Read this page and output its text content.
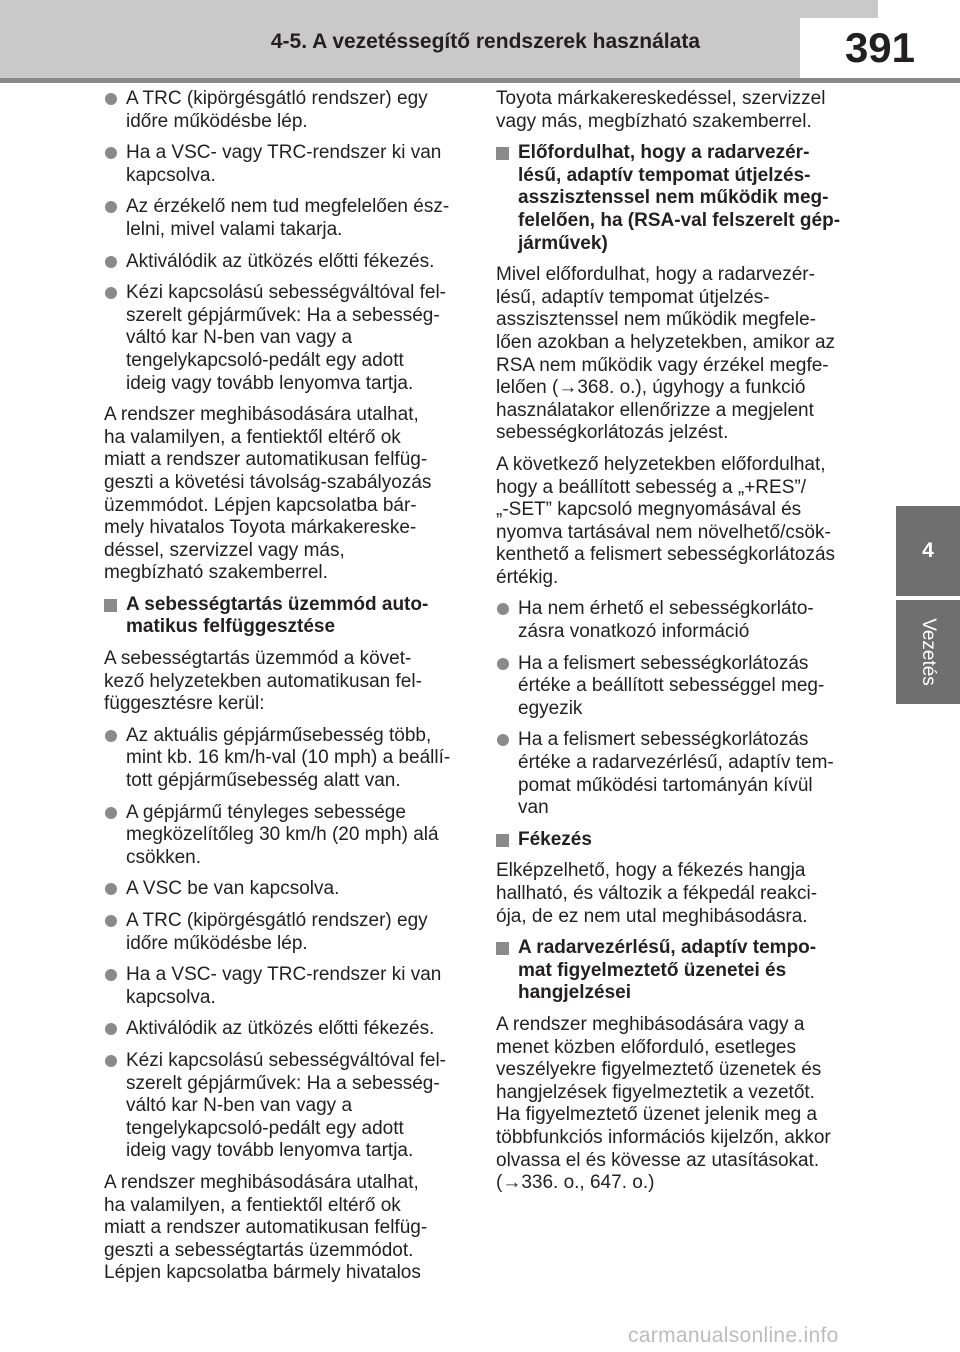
4-5. A vezetéssegítő rendszerek használata	391
4
Vezetés
A TRC (kipörgésgátló rendszer) egy
időre működésbe lép.
Ha a VSC- vagy TRC-rendszer ki van
kapcsolva.
Az érzékelő nem tud megfelelően ész-
lelni, mivel valami takarja.
Aktiválódik az ütközés előtti fékezés.
Kézi kapcsolású sebességváltóval fel-
szerelt gépjárművek: Ha a sebesség-
váltó kar N-ben van vagy a
tengelykapcsoló-pedált egy adott
ideig vagy tovább lenyomva tartja.
A rendszer meghibásodására utalhat,
ha valamilyen, a fentiektől eltérő ok
miatt a rendszer automatikusan felfüg-
geszti a követési távolság-szabályozás
üzemmódot. Lépjen kapcsolatba bár-
mely hivatalos Toyota márkakereske-
déssel, szervizzel vagy más,
megbízható szakemberrel.
A sebességtartás üzemmód auto-
matikus felfüggesztése
A sebességtartás üzemmód a követ-
kező helyzetekben automatikusan fel-
függesztésre kerül:
Az aktuális gépjárműsebesség több,
mint kb. 16 km/h-val (10 mph) a beállí-
tott gépjárműsebesség alatt van.
A gépjármű tényleges sebessége
megközelítőleg 30 km/h (20 mph) alá
csökken.
A VSC be van kapcsolva.
A TRC (kipörgésgátló rendszer) egy
időre működésbe lép.
Ha a VSC- vagy TRC-rendszer ki van
kapcsolva.
Aktiválódik az ütközés előtti fékezés.
Kézi kapcsolású sebességváltóval fel-
szerelt gépjárművek: Ha a sebesség-
váltó kar N-ben van vagy a
tengelykapcsoló-pedált egy adott
ideig vagy tovább lenyomva tartja.
A rendszer meghibásodására utalhat,
ha valamilyen, a fentiektől eltérő ok
miatt a rendszer automatikusan felfüg-
geszti a sebességtartás üzemmódot.
Lépjen kapcsolatba bármely hivatalos
Toyota márkakereskedéssel, szervizzel
vagy más, megbízható szakemberrel.
Előfordulhat, hogy a radarvezér-
lésű, adaptív tempomat útjelzés-
asszisztenssel nem működik meg-
felelően, ha (RSA-val felszerelt gép-
járművek)
Mivel előfordulhat, hogy a radarvezér-
lésű, adaptív tempomat útjelzés-
asszisztenssel nem működik megfele-
lően azokban a helyzetekben, amikor az
RSA nem működik vagy érzékel megfe-
lelően (→368. o.), úgyhogy a funkció
használatakor ellenőrizze a megjelent
sebességkorlátozás jelzést.
A következő helyzetekben előfordulhat,
hogy a beállított sebesség a „+RES”/
„-SET” kapcsoló megnyomásával és
nyomva tartásával nem növelhető/csök-
kenthető a felismert sebességkorlátozás
értékig.
Ha nem érhető el sebességkorláto-
zásra vonatkozó információ
Ha a felismert sebességkorlátozás
értéke a beállított sebességgel meg-
egyezik
Ha a felismert sebességkorlátozás
értéke a radarvezérlésű, adaptív tem-
pomat működési tartományán kívül
van
Fékezés
Elképzelhető, hogy a fékezés hangja
hallható, és változik a fékpedál reakci-
ója, de ez nem utal meghibásodásra.
A radarvezérlésű, adaptív tempo-
mat figyelmeztető üzenetei és
hangjelzései
A rendszer meghibásodására vagy a
menet közben előforduló, esetleges
veszélyekre figyelmeztető üzenetek és
hangjelzések figyelmeztetik a vezetőt.
Ha figyelmeztető üzenet jelenik meg a
többfunkciós információs kijelzőn, akkor
olvassa el és kövesse az utasításokat.
(→336. o., 647. o.)
carmanualsonline.info
